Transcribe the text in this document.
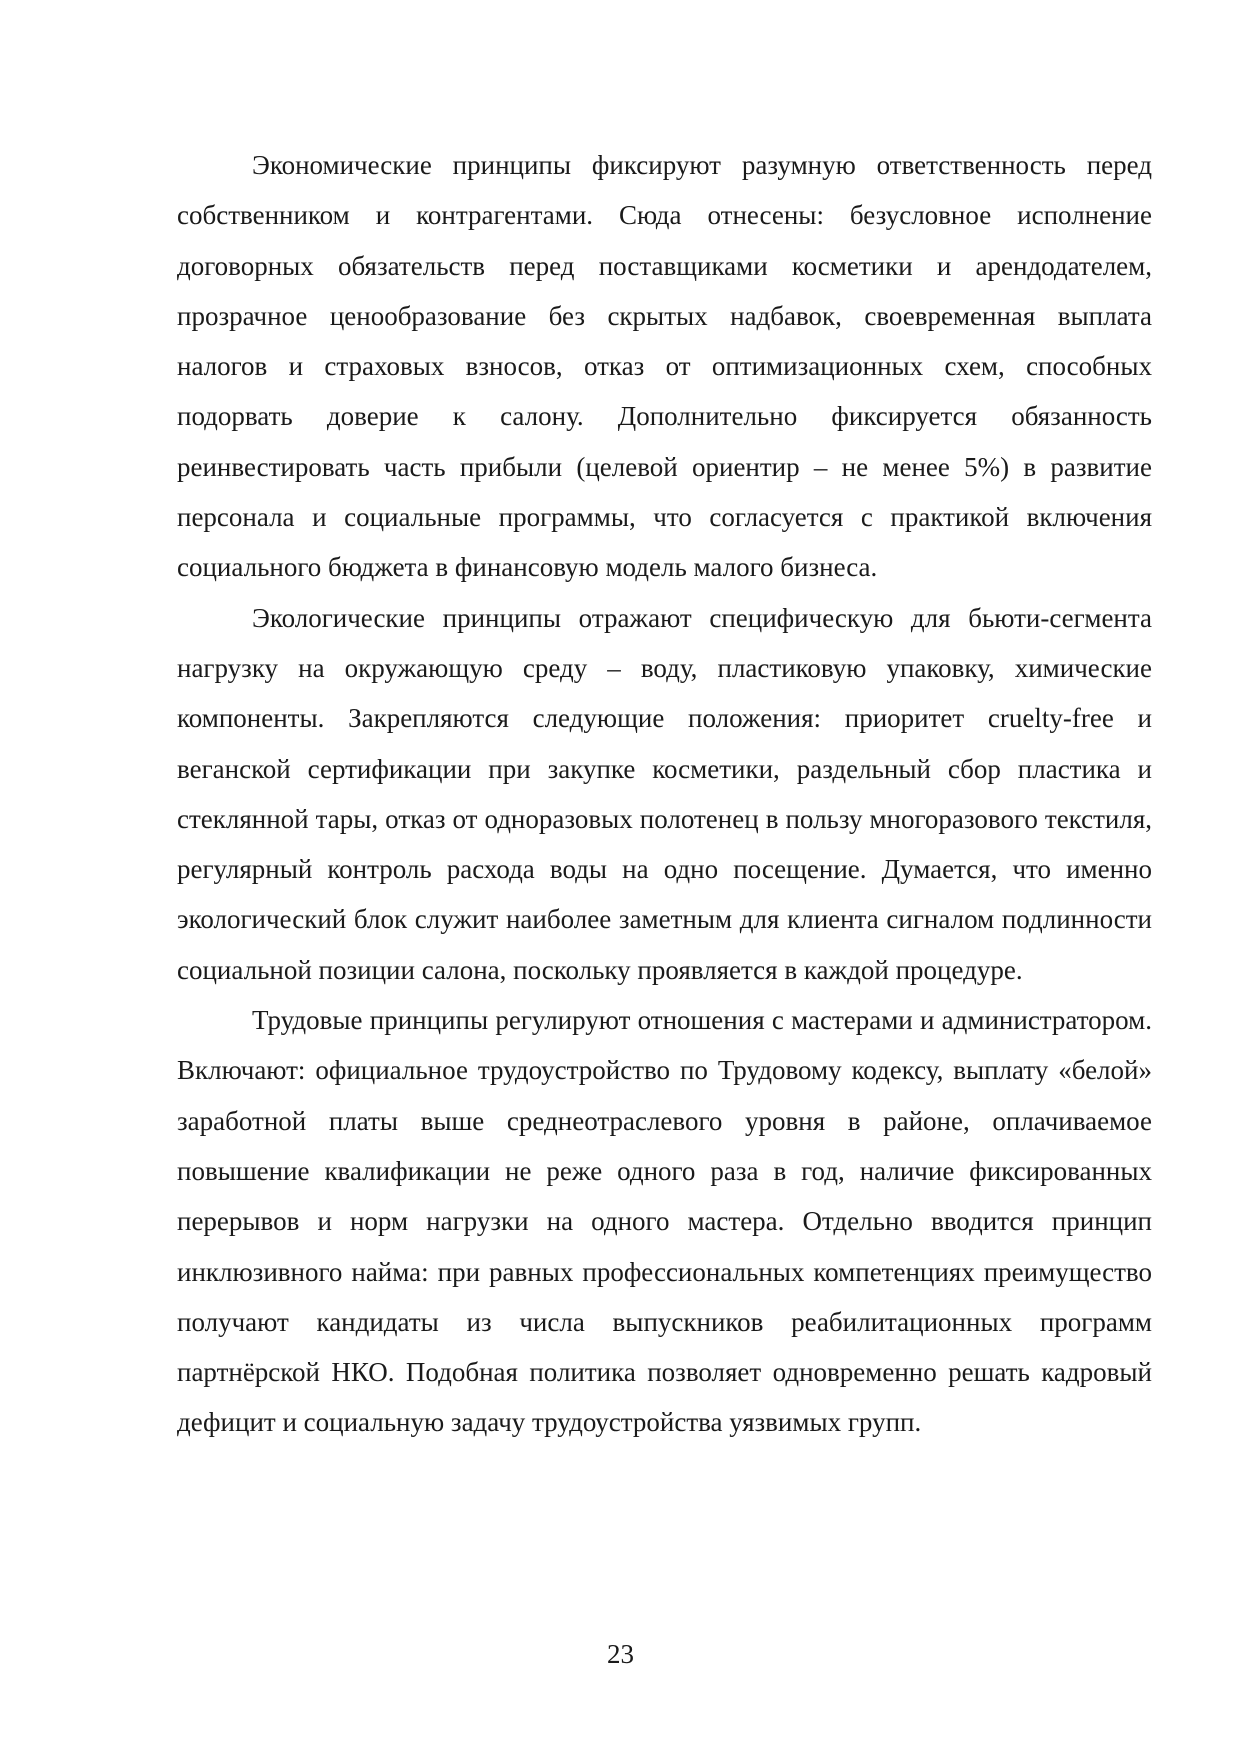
Экономические принципы фиксируют разумную ответственность перед собственником и контрагентами. Сюда отнесены: безусловное исполнение договорных обязательств перед поставщиками косметики и арендодателем, прозрачное ценообразование без скрытых надбавок, своевременная выплата налогов и страховых взносов, отказ от оптимизационных схем, способных подорвать доверие к салону. Дополнительно фиксируется обязанность реинвестировать часть прибыли (целевой ориентир – не менее 5%) в развитие персонала и социальные программы, что согласуется с практикой включения социального бюджета в финансовую модель малого бизнеса.

Экологические принципы отражают специфическую для бьюти-сегмента нагрузку на окружающую среду – воду, пластиковую упаковку, химические компоненты. Закрепляются следующие положения: приоритет cruelty-free и веганской сертификации при закупке косметики, раздельный сбор пластика и стеклянной тары, отказ от одноразовых полотенец в пользу многоразового текстиля, регулярный контроль расхода воды на одно посещение. Думается, что именно экологический блок служит наиболее заметным для клиента сигналом подлинности социальной позиции салона, поскольку проявляется в каждой процедуре.

Трудовые принципы регулируют отношения с мастерами и администратором. Включают: официальное трудоустройство по Трудовому кодексу, выплату «белой» заработной платы выше среднеотраслевого уровня в районе, оплачиваемое повышение квалификации не реже одного раза в год, наличие фиксированных перерывов и норм нагрузки на одного мастера. Отдельно вводится принцип инклюзивного найма: при равных профессиональных компетенциях преимущество получают кандидаты из числа выпускников реабилитационных программ партнёрской НКО. Подобная политика позволяет одновременно решать кадровый дефицит и социальную задачу трудоустройства уязвимых групп.

23
